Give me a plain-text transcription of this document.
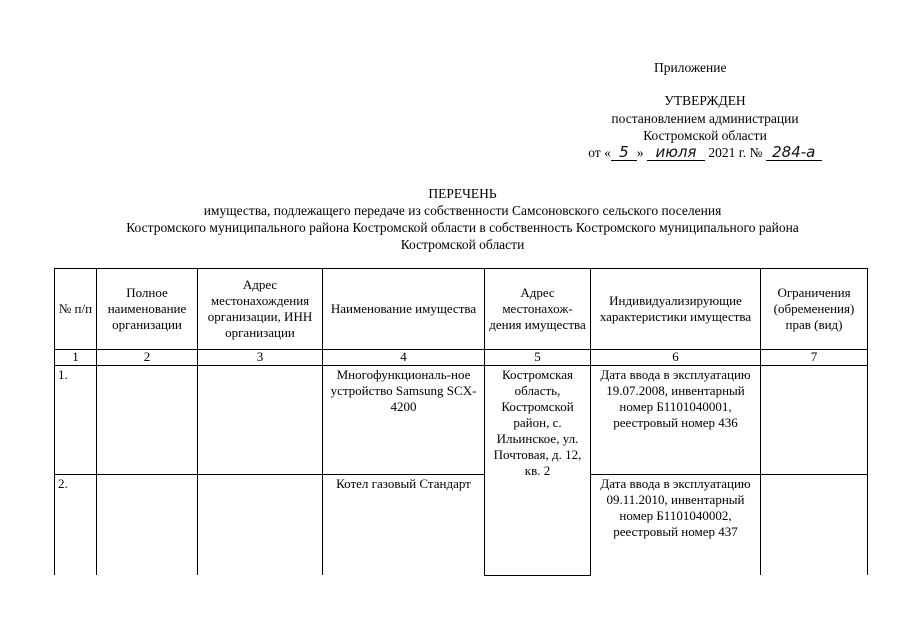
Приложение
УТВЕРЖДЕН
постановлением администрации
Костромской области
от « 5 » июля 2021 г. № 284-а
ПЕРЕЧЕНЬ
имущества, подлежащего передаче из собственности Самсоновского сельского поселения
Костромского муниципального района Костромской области в собственность Костромского муниципального района
Костромской области
№ п/п	Полное наименование организации	Адрес местонахождения организации, ИНН организации	Наименование имущества	Адрес местонахож-дения имущества	Индивидуализирующие характеристики имущества	Ограничения (обременения) прав (вид)
1	2	3	4	5	6	7
1.			Многофункциональ-ное устройство Samsung SCX-4200	Костромская область, Костромской район, с. Ильинское, ул. Почтовая, д. 12, кв. 2	Дата ввода в эксплуатацию 19.07.2008, инвентарный номер Б1101040001, реестровый номер 436	
2.			Котел газовый Стандарт		Дата ввода в эксплуатацию 09.11.2010, инвентарный номер Б1101040002, реестровый номер 437	
